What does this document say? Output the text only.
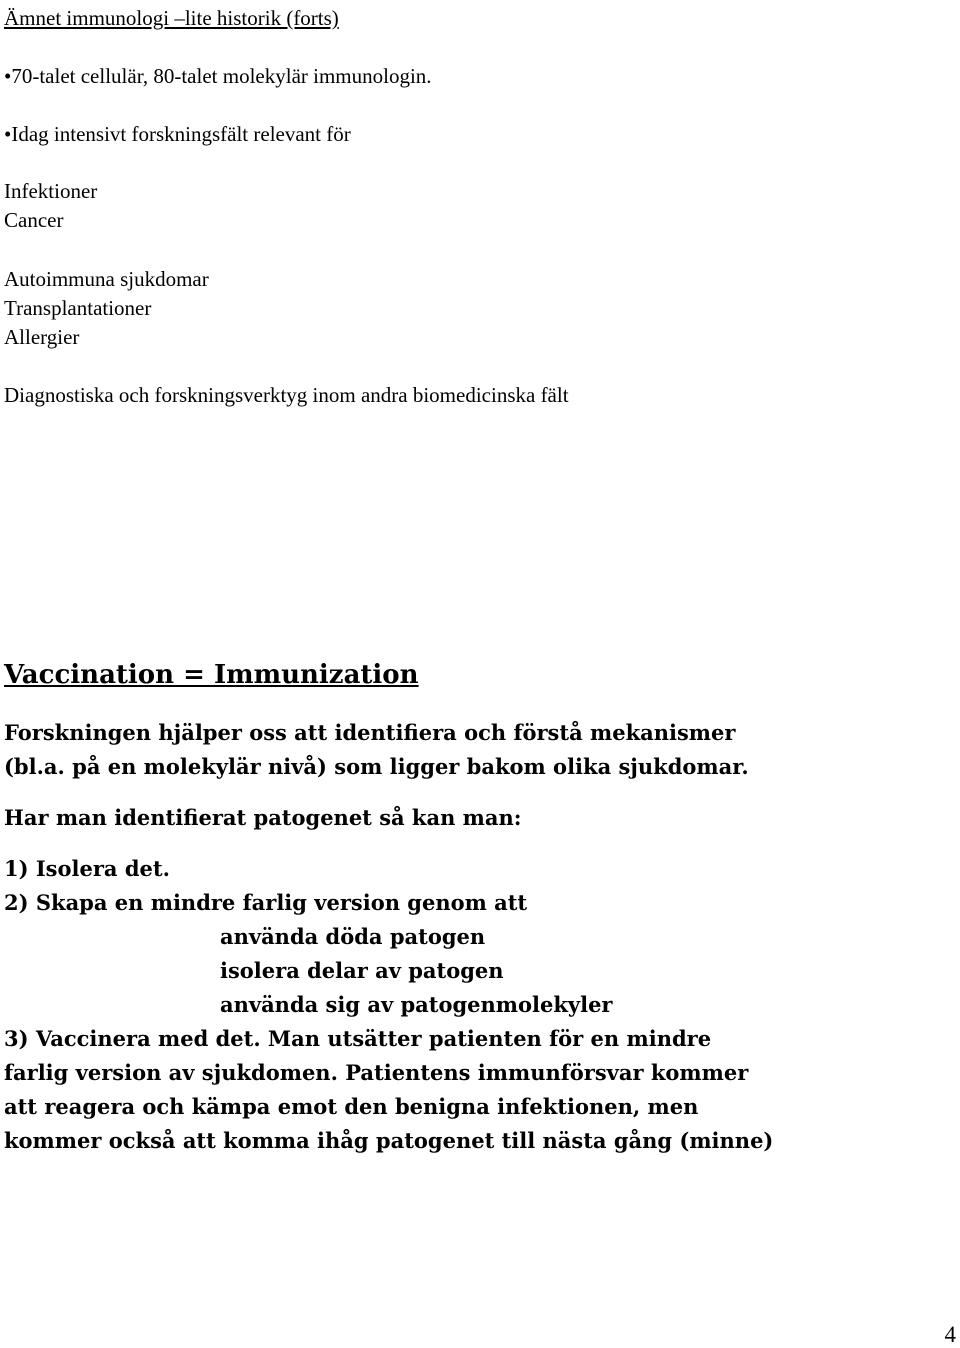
Ämnet immunologi –lite historik (forts)
•70-talet cellulär, 80-talet molekylär immunologin.
•Idag intensivt forskningsfält relevant för
Infektioner
Cancer
Autoimmuna sjukdomar
Transplantationer
Allergier
Diagnostiska och forskningsverktyg inom andra biomedicinska fält
Vaccination = Immunization
Forskningen hjälper oss att identifiera och förstå mekanismer
(bl.a. på en molekylär nivå) som ligger bakom olika sjukdomar.
Har man identifierat patogenet så kan man:
1) Isolera det.
2) Skapa en mindre farlig version genom att
använda döda patogen
isolera delar av patogen
använda sig av patogenmolekyler
3) Vaccinera med det. Man utsätter patienten för en mindre
farlig version av sjukdomen. Patientens immunförsvar kommer
att reagera och kämpa emot den benigna infektionen, men
kommer också att komma ihåg patogenet till nästa gång (minne)
4
